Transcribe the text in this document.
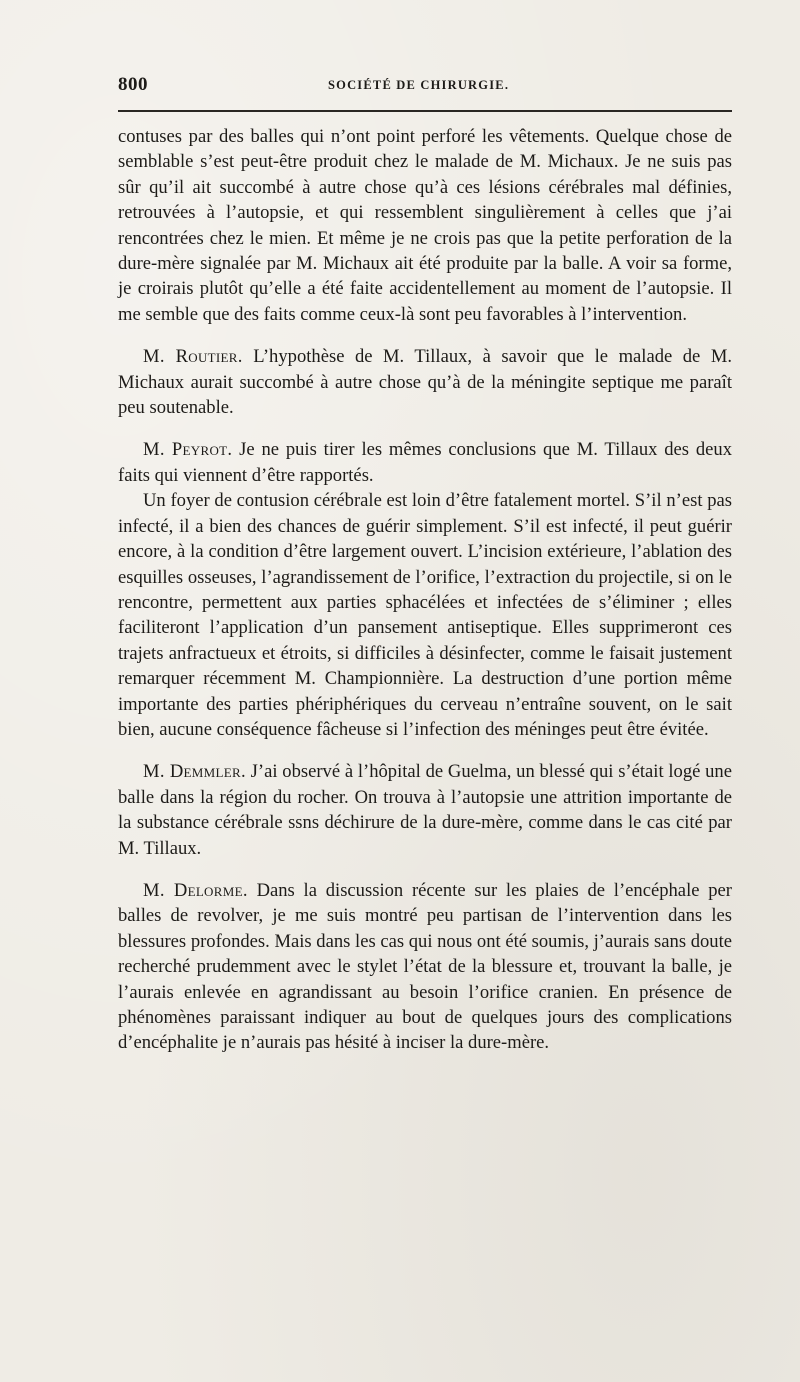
800	SOCIÉTÉ DE CHIRURGIE.

contuses par des balles qui n’ont point perforé les vêtements. Quelque chose de semblable s’est peut-être produit chez le malade de M. Michaux. Je ne suis pas sûr qu’il ait succombé à autre chose qu’à ces lésions cérébrales mal définies, retrouvées à l’autopsie, et qui ressemblent singulièrement à celles que j’ai rencontrées chez le mien. Et même je ne crois pas que la petite perforation de la dure-mère signalée par M. Michaux ait été produite par la balle. A voir sa forme, je croirais plutôt qu’elle a été faite accidentellement au moment de l’autopsie. Il me semble que des faits comme ceux-là sont peu favorables à l’intervention.

M. Routier. L’hypothèse de M. Tillaux, à savoir que le malade de M. Michaux aurait succombé à autre chose qu’à de la méningite septique me paraît peu soutenable.

M. Peyrot. Je ne puis tirer les mêmes conclusions que M. Tillaux des deux faits qui viennent d’être rapportés.

Un foyer de contusion cérébrale est loin d’être fatalement mortel. S’il n’est pas infecté, il a bien des chances de guérir simplement. S’il est infecté, il peut guérir encore, à la condition d’être largement ouvert. L’incision extérieure, l’ablation des esquilles osseuses, l’agrandissement de l’orifice, l’extraction du projectile, si on le rencontre, permettent aux parties sphacélées et infectées de s’éliminer ; elles faciliteront l’application d’un pansement antiseptique. Elles supprimeront ces trajets anfractueux et étroits, si difficiles à désinfecter, comme le faisait justement remarquer récemment M. Championnière. La destruction d’une portion même importante des parties phériphériques du cerveau n’entraîne souvent, on le sait bien, aucune conséquence fâcheuse si l’infection des méninges peut être évitée.

M. Demmler. J’ai observé à l’hôpital de Guelma, un blessé qui s’était logé une balle dans la région du rocher. On trouva à l’autopsie une attrition importante de la substance cérébrale ssns déchirure de la dure-mère, comme dans le cas cité par M. Tillaux.

M. Delorme. Dans la discussion récente sur les plaies de l’encéphale per balles de revolver, je me suis montré peu partisan de l’intervention dans les blessures profondes. Mais dans les cas qui nous ont été soumis, j’aurais sans doute recherché prudemment avec le stylet l’état de la blessure et, trouvant la balle, je l’aurais enlevée en agrandissant au besoin l’orifice cranien. En présence de phénomènes paraissant indiquer au bout de quelques jours des complications d’encéphalite je n’aurais pas hésité à inciser la dure-mère.
